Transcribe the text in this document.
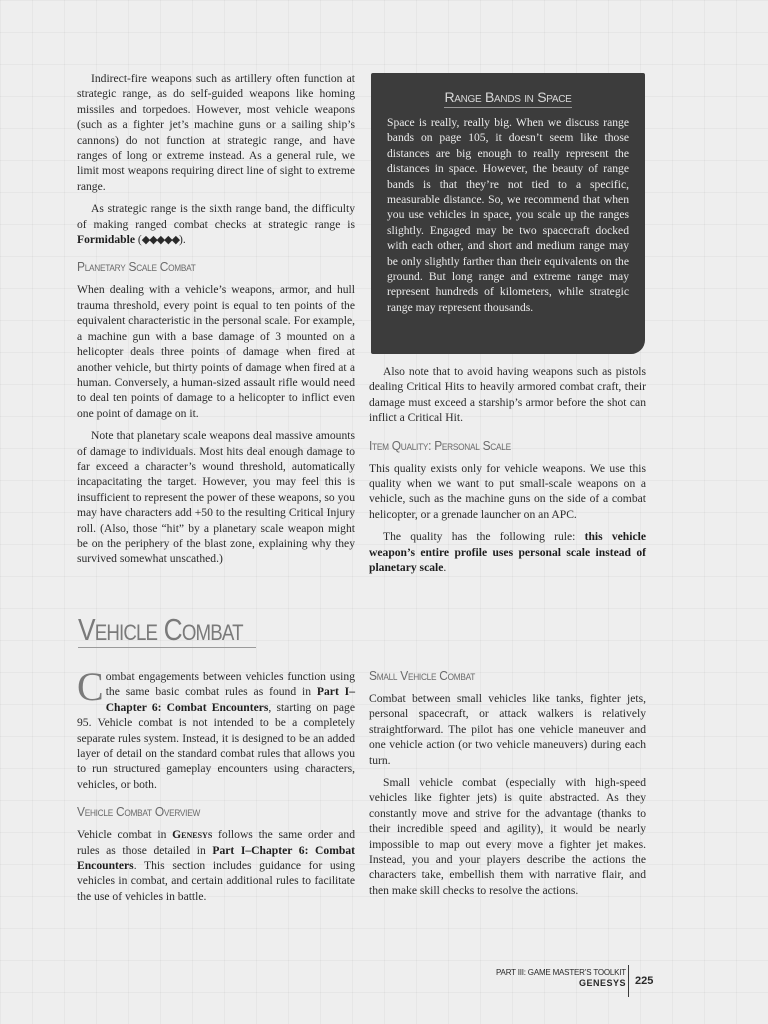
Indirect-fire weapons such as artillery often function at strategic range, as do self-guided weapons like homing missiles and torpedoes. However, most vehicle weapons (such as a fighter jet’s machine guns or a sailing ship’s cannons) do not function at strategic range, and have ranges of long or extreme instead. As a general rule, we limit most weapons requiring direct line of sight to extreme range.

As strategic range is the sixth range band, the difficulty of making ranged combat checks at strategic range is Formidable (◆◆◆◆◆).

Planetary Scale Combat

When dealing with a vehicle’s weapons, armor, and hull trauma threshold, every point is equal to ten points of the equivalent characteristic in the personal scale. For example, a machine gun with a base damage of 3 mounted on a helicopter deals three points of damage when fired at another vehicle, but thirty points of damage when fired at a human. Conversely, a human-sized assault rifle would need to deal ten points of damage to a helicopter to inflict even one point of damage on it.

Note that planetary scale weapons deal massive amounts of damage to individuals. Most hits deal enough damage to far exceed a character’s wound threshold, automatically incapacitating the target. However, you may feel this is insufficient to represent the power of these weapons, so you may have characters add +50 to the resulting Critical Injury roll. (Also, those “hit” by a planetary scale weapon might be on the periphery of the blast zone, explaining why they survived somewhat unscathed.)

Range Bands in Space

Space is really, really big. When we discuss range bands on page 105, it doesn’t seem like those distances are big enough to really represent the distances in space. However, the beauty of range bands is that they’re not tied to a specific, measurable distance. So, we recommend that when you use vehicles in space, you scale up the ranges slightly. Engaged may be two spacecraft docked with each other, and short and medium range may be only slightly farther than their equivalents on the ground. But long range and extreme range may represent hundreds of kilometers, while strategic range may represent thousands.

Also note that to avoid having weapons such as pistols dealing Critical Hits to heavily armored combat craft, their damage must exceed a starship’s armor before the shot can inflict a Critical Hit.

Item Quality: Personal Scale

This quality exists only for vehicle weapons. We use this quality when we want to put small-scale weapons on a vehicle, such as the machine guns on the side of a combat helicopter, or a grenade launcher on an APC.

The quality has the following rule: this vehicle weapon’s entire profile uses personal scale instead of planetary scale.

Vehicle Combat

Combat engagements between vehicles function using the same basic combat rules as found in Part I–Chapter 6: Combat Encounters, starting on page 95. Vehicle combat is not intended to be a completely separate rules system. Instead, it is designed to be an added layer of detail on the standard combat rules that allows you to run structured gameplay encounters using characters, vehicles, or both.

Vehicle Combat Overview

Vehicle combat in Genesys follows the same order and rules as those detailed in Part I–Chapter 6: Combat Encounters. This section includes guidance for using vehicles in combat, and certain additional rules to facilitate the use of vehicles in battle.

Small Vehicle Combat

Combat between small vehicles like tanks, fighter jets, personal spacecraft, or attack walkers is relatively straightforward. The pilot has one vehicle maneuver and one vehicle action (or two vehicle maneuvers) during each turn.

Small vehicle combat (especially with high-speed vehicles like fighter jets) is quite abstracted. As they constantly move and strive for the advantage (thanks to their incredible speed and agility), it would be nearly impossible to map out every move a fighter jet makes. Instead, you and your players describe the actions the characters take, embellish them with narrative flair, and then make skill checks to resolve the actions.

PART III: GAME MASTER’S TOOLKIT
GENESYS 225
